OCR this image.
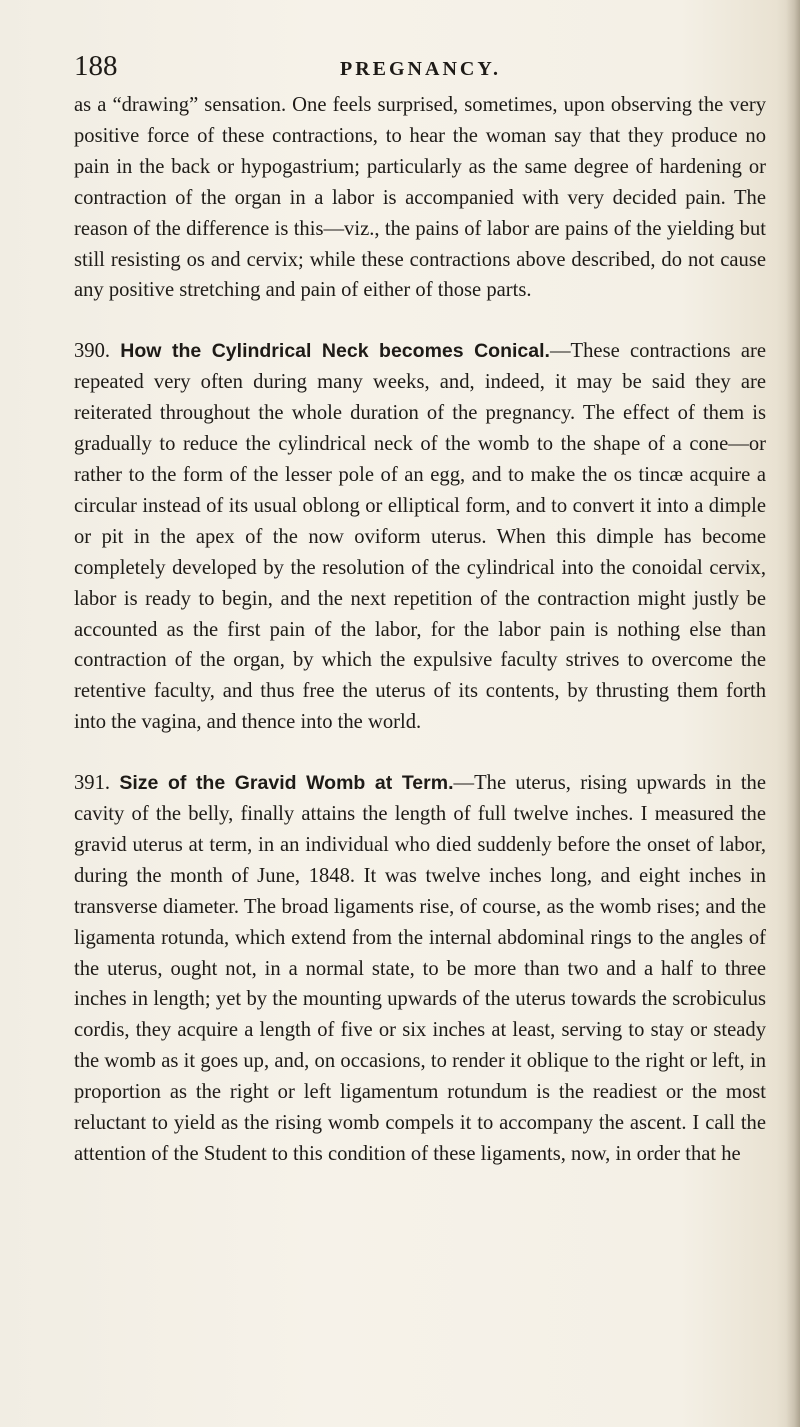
188	PREGNANCY.

as a “drawing” sensation. One feels surprised, sometimes, upon observing the very positive force of these contractions, to hear the woman say that they produce no pain in the back or hypogastrium; particularly as the same degree of hardening or contraction of the organ in a labor is accompanied with very decided pain. The reason of the difference is this—viz., the pains of labor are pains of the yielding but still resisting os and cervix; while these contractions above described, do not cause any positive stretching and pain of either of those parts.

390. How the Cylindrical Neck becomes Conical.—These contractions are repeated very often during many weeks, and, indeed, it may be said they are reiterated throughout the whole duration of the pregnancy. The effect of them is gradually to reduce the cylindrical neck of the womb to the shape of a cone—or rather to the form of the lesser pole of an egg, and to make the os tincæ acquire a circular instead of its usual oblong or elliptical form, and to convert it into a dimple or pit in the apex of the now oviform uterus. When this dimple has become completely developed by the resolution of the cylindrical into the conoidal cervix, labor is ready to begin, and the next repetition of the contraction might justly be accounted as the first pain of the labor, for the labor pain is nothing else than contraction of the organ, by which the expulsive faculty strives to overcome the retentive faculty, and thus free the uterus of its contents, by thrusting them forth into the vagina, and thence into the world.

391. Size of the Gravid Womb at Term.—The uterus, rising upwards in the cavity of the belly, finally attains the length of full twelve inches. I measured the gravid uterus at term, in an individual who died suddenly before the onset of labor, during the month of June, 1848. It was twelve inches long, and eight inches in transverse diameter. The broad ligaments rise, of course, as the womb rises; and the ligamenta rotunda, which extend from the internal abdominal rings to the angles of the uterus, ought not, in a normal state, to be more than two and a half to three inches in length; yet by the mounting upwards of the uterus towards the scrobiculus cordis, they acquire a length of five or six inches at least, serving to stay or steady the womb as it goes up, and, on occasions, to render it oblique to the right or left, in proportion as the right or left ligamentum rotundum is the readiest or the most reluctant to yield as the rising womb compels it to accompany the ascent. I call the attention of the Student to this condition of these ligaments, now, in order that he
